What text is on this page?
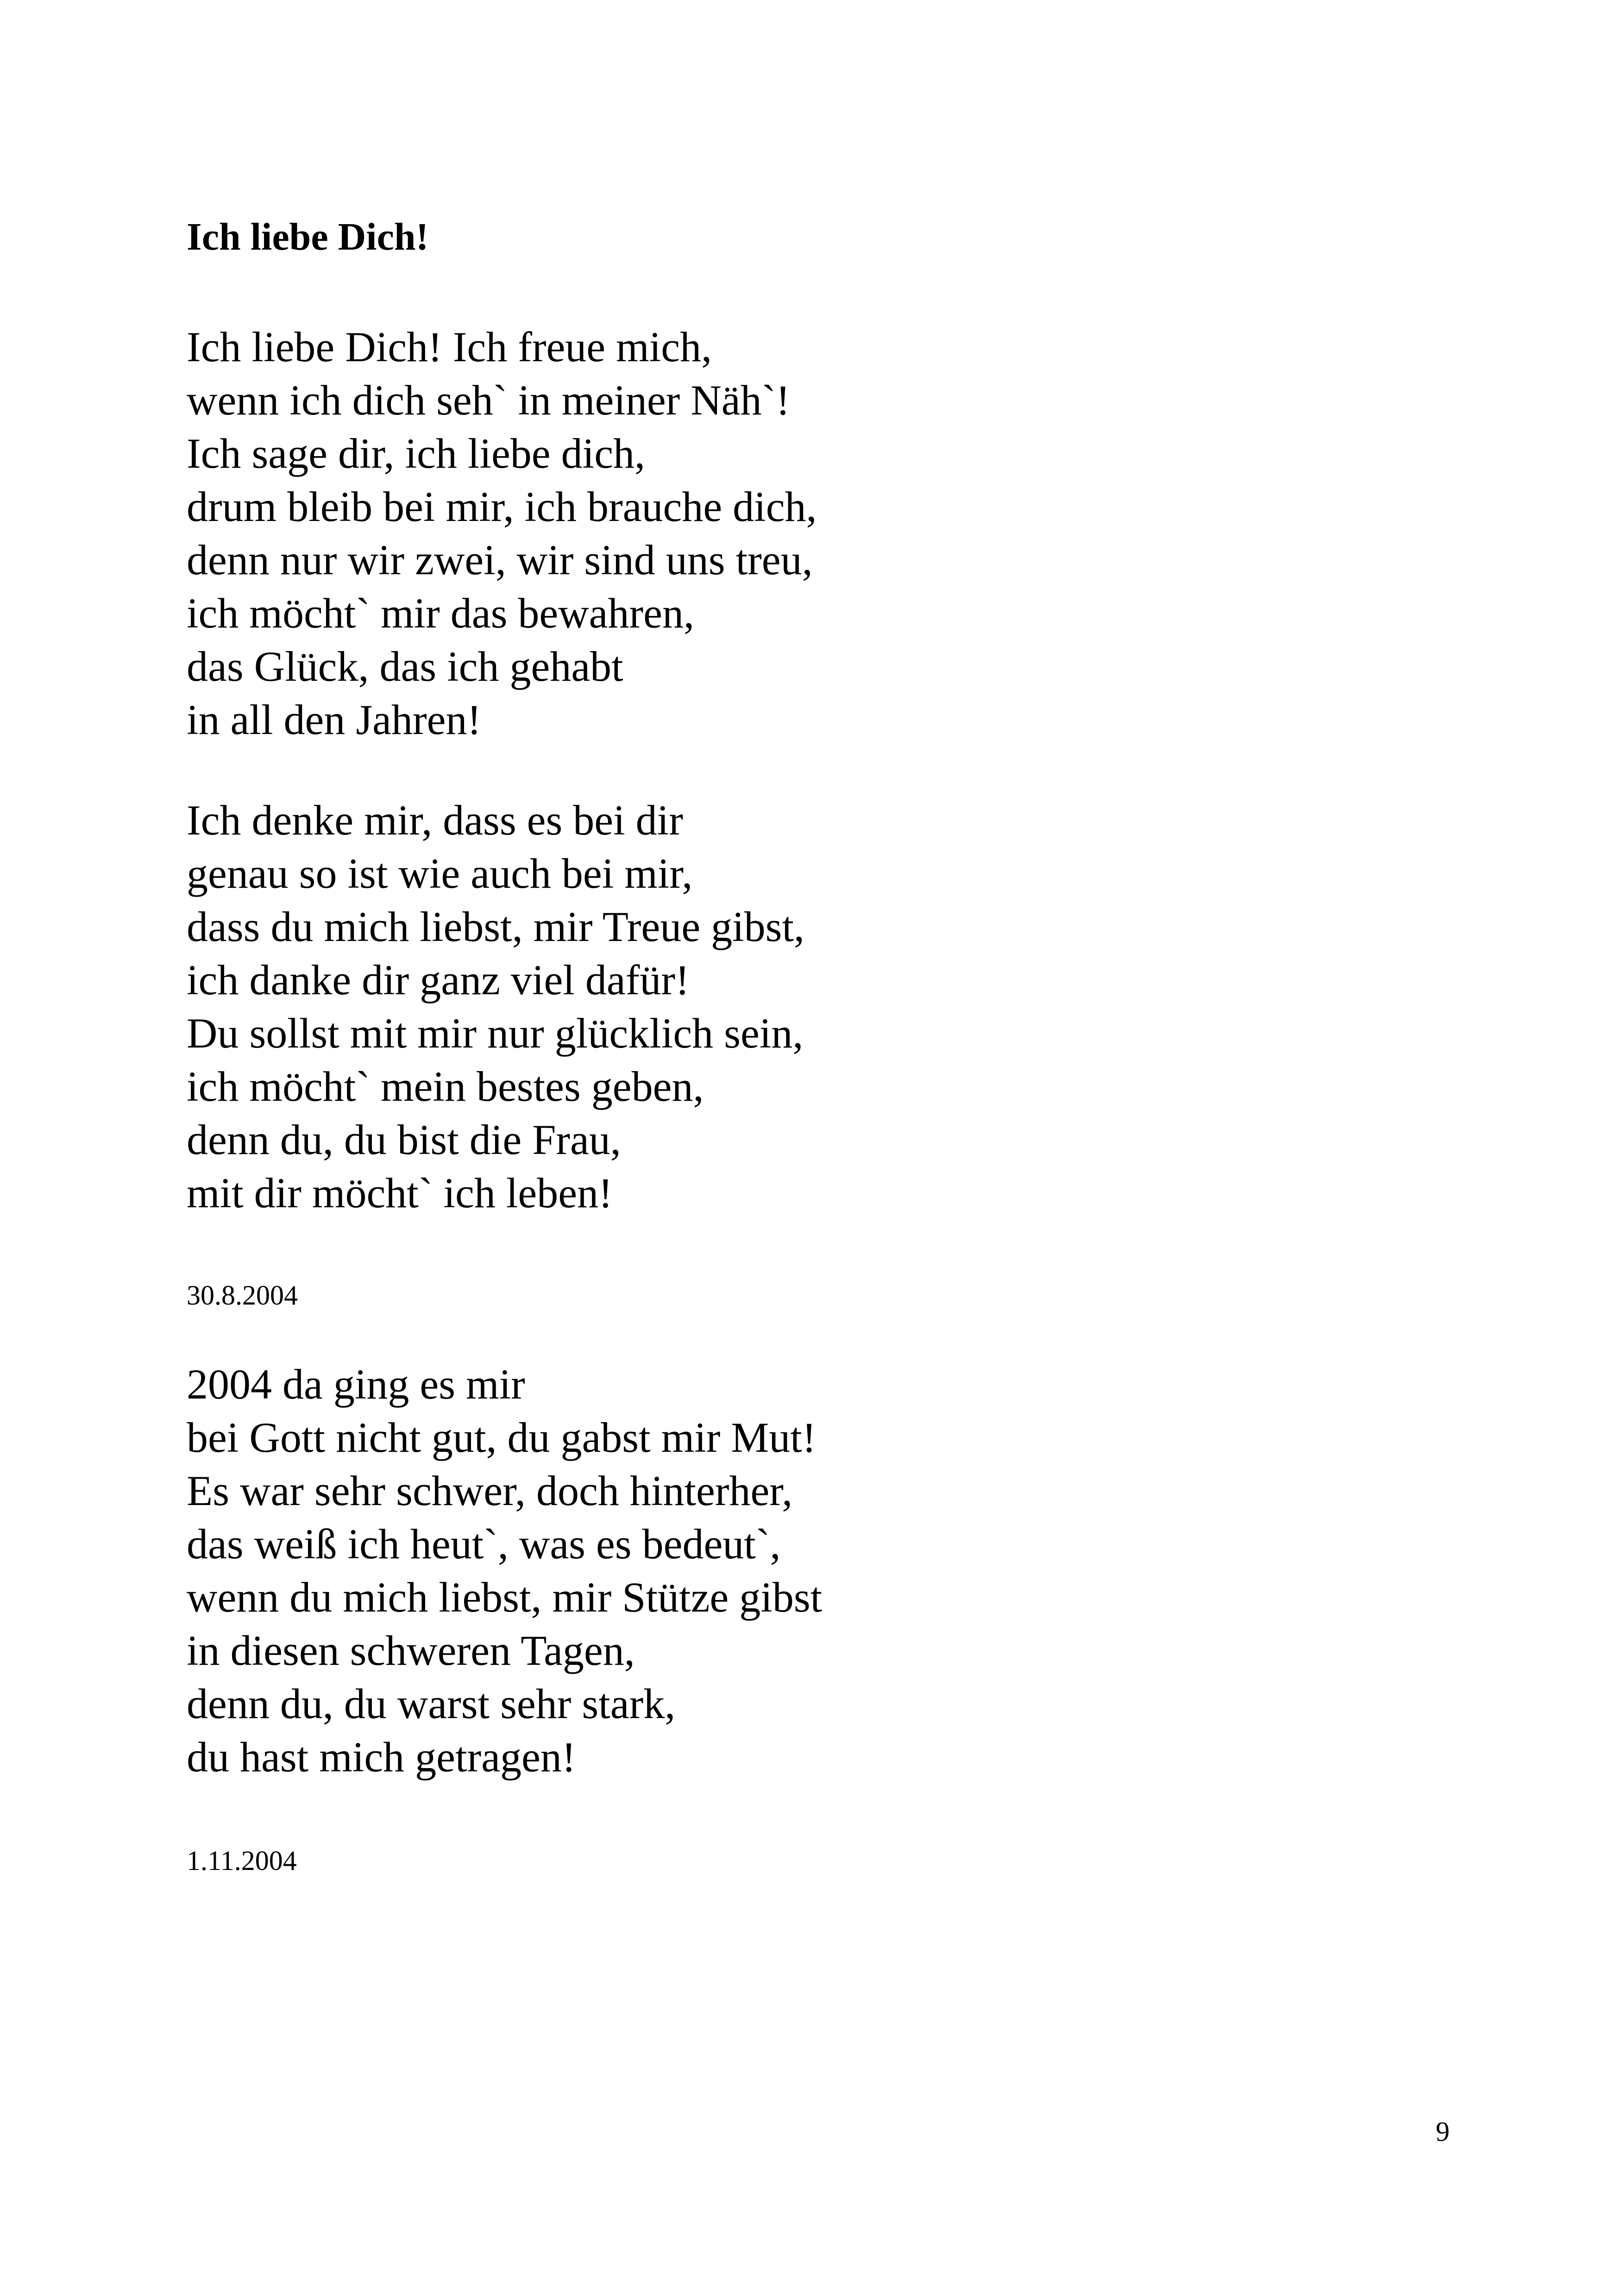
Ich liebe Dich!
Ich liebe Dich! Ich freue mich,
wenn ich dich seh` in meiner Näh`!
Ich sage dir, ich liebe dich,
drum bleib bei mir, ich brauche dich,
denn nur wir zwei, wir sind uns treu,
ich möcht` mir das bewahren,
das Glück, das ich gehabt
in all den Jahren!
Ich denke mir, dass es bei dir
genau so ist wie auch bei mir,
dass du mich liebst, mir Treue gibst,
ich danke dir ganz viel dafür!
Du sollst mit mir nur glücklich sein,
ich möcht` mein bestes geben,
denn du, du bist die Frau,
mit dir möcht` ich leben!

30.8.2004

2004 da ging es mir
bei Gott nicht gut, du gabst mir Mut!
Es war sehr schwer, doch hinterher,
das weiß ich heut`, was es bedeut`,
wenn du mich liebst, mir Stütze gibst
in diesen schweren Tagen,
denn du, du warst sehr stark,
du hast mich getragen!

1.11.2004

9
